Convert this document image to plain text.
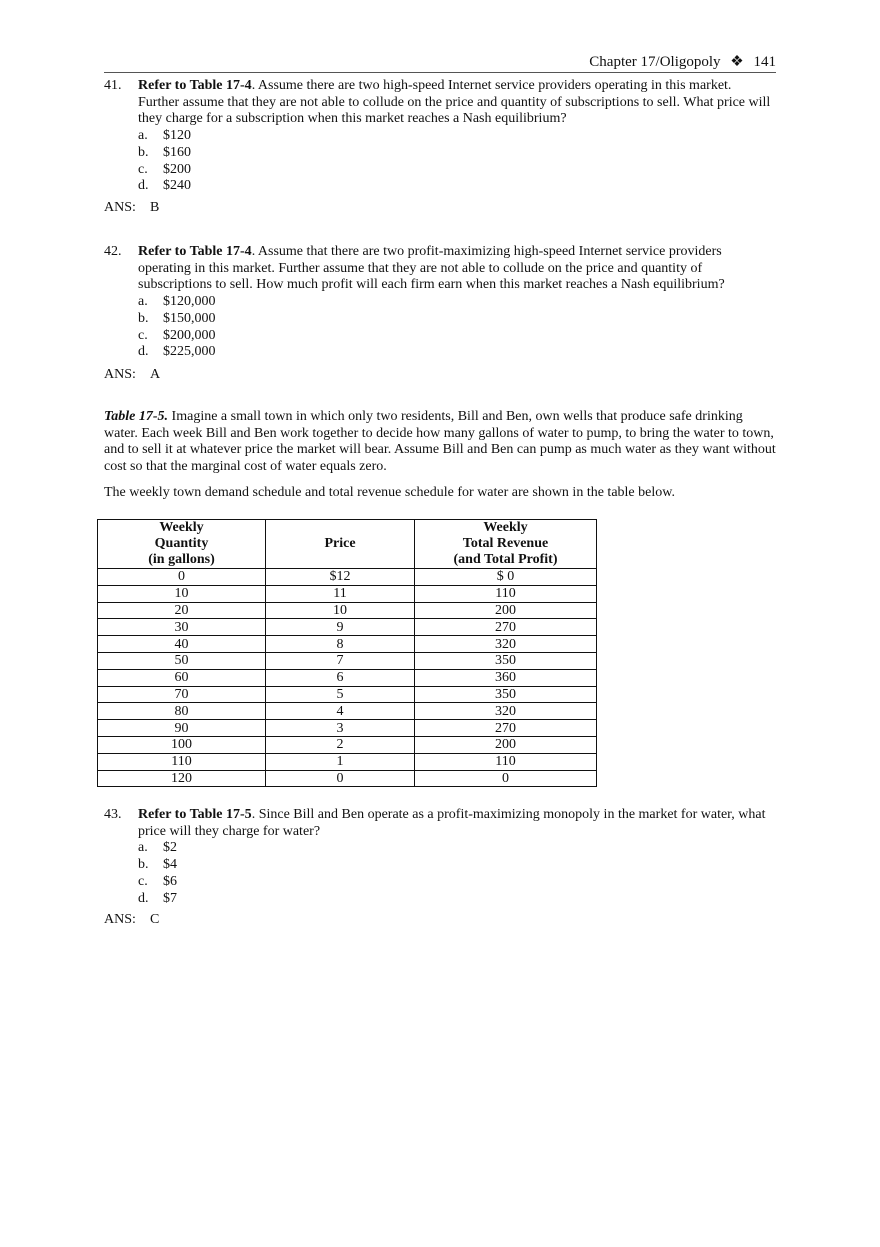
Chapter 17/Oligopoly ❖ 141
41. Refer to Table 17-4. Assume there are two high-speed Internet service providers operating in this market. Further assume that they are not able to collude on the price and quantity of subscriptions to sell. What price will they charge for a subscription when this market reaches a Nash equilibrium?
a.	$120
b.	$160
c.	$200
d.	$240
ANS: B
42. Refer to Table 17-4. Assume that there are two profit-maximizing high-speed Internet service providers operating in this market. Further assume that they are not able to collude on the price and quantity of subscriptions to sell. How much profit will each firm earn when this market reaches a Nash equilibrium?
a.	$120,000
b.	$150,000
c.	$200,000
d.	$225,000
ANS: A
Table 17-5. Imagine a small town in which only two residents, Bill and Ben, own wells that produce safe drinking water. Each week Bill and Ben work together to decide how many gallons of water to pump, to bring the water to town, and to sell it at whatever price the market will bear. Assume Bill and Ben can pump as much water as they want without cost so that the marginal cost of water equals zero.
The weekly town demand schedule and total revenue schedule for water are shown in the table below.
Weekly
Quantity
(in gallons)	Price	Weekly
Total Revenue
(and Total Profit)
0	$12	$ 0
10	11	110
20	10	200
30	9	270
40	8	320
50	7	350
60	6	360
70	5	350
80	4	320
90	3	270
100	2	200
110	1	110
120	0	0
43. Refer to Table 17-5. Since Bill and Ben operate as a profit-maximizing monopoly in the market for water, what price will they charge for water?
a.	$2
b.	$4
c.	$6
d.	$7
ANS: C
